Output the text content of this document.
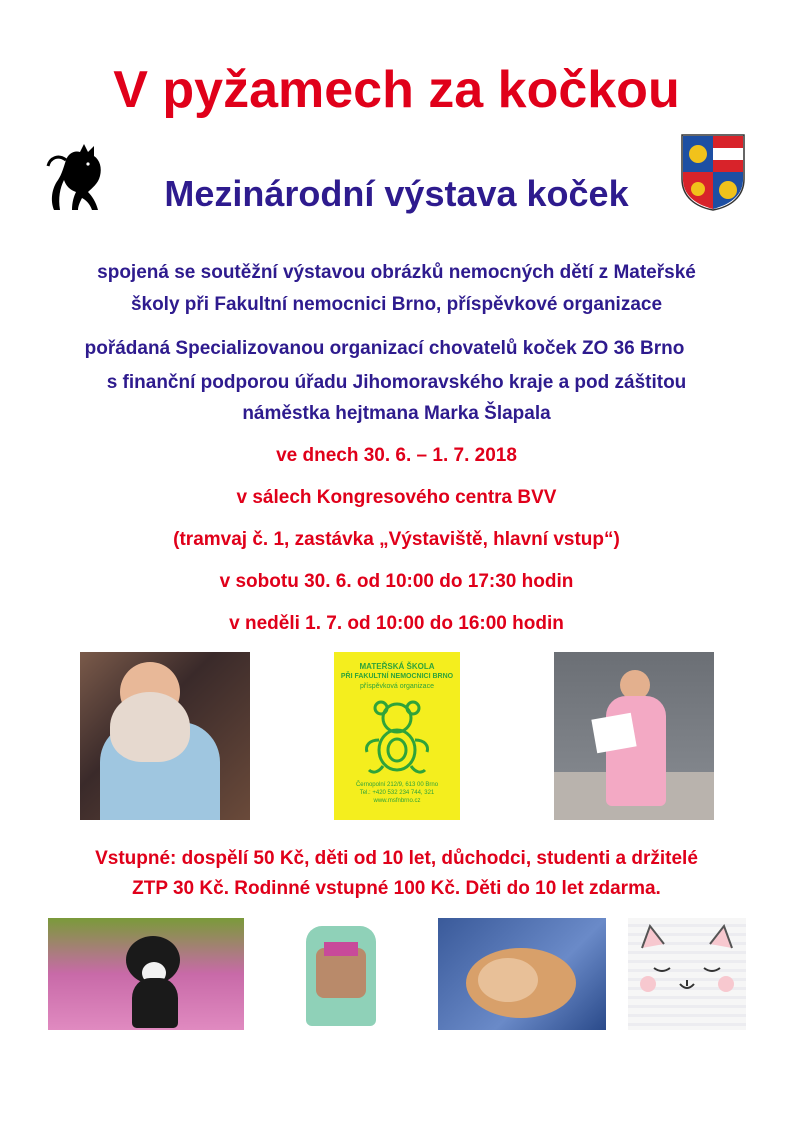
V pyžamech za kočkou
Mezinárodní výstava koček
spojená se soutěžní výstavou obrázků nemocných dětí z Mateřské
školy při Fakultní nemocnici Brno, příspěvkové organizace
pořádaná Specializovanou organizací chovatelů koček ZO 36 Brno
s finanční podporou úřadu Jihomoravského kraje a pod záštitou
náměstka hejtmana Marka Šlapala
ve dnech 30. 6. – 1. 7. 2018
v sálech Kongresového centra BVV
(tramvaj č. 1, zastávka „Výstaviště, hlavní vstup“)
v sobotu 30. 6. od 10:00 do 17:30 hodin
v neděli 1. 7. od 10:00 do 16:00 hodin
MATEŘSKÁ ŠKOLA
PŘI FAKULTNÍ NEMOCNICI BRNO
příspěvková organizace
Černopolní 212/9, 613 00 Brno
Tel.: +420 532 234 744, 321
www.msfnbrno.cz
Vstupné: dospělí 50 Kč, děti od 10 let, důchodci, studenti a držitelé
ZTP 30 Kč. Rodinné vstupné 100 Kč. Děti do 10 let zdarma.
